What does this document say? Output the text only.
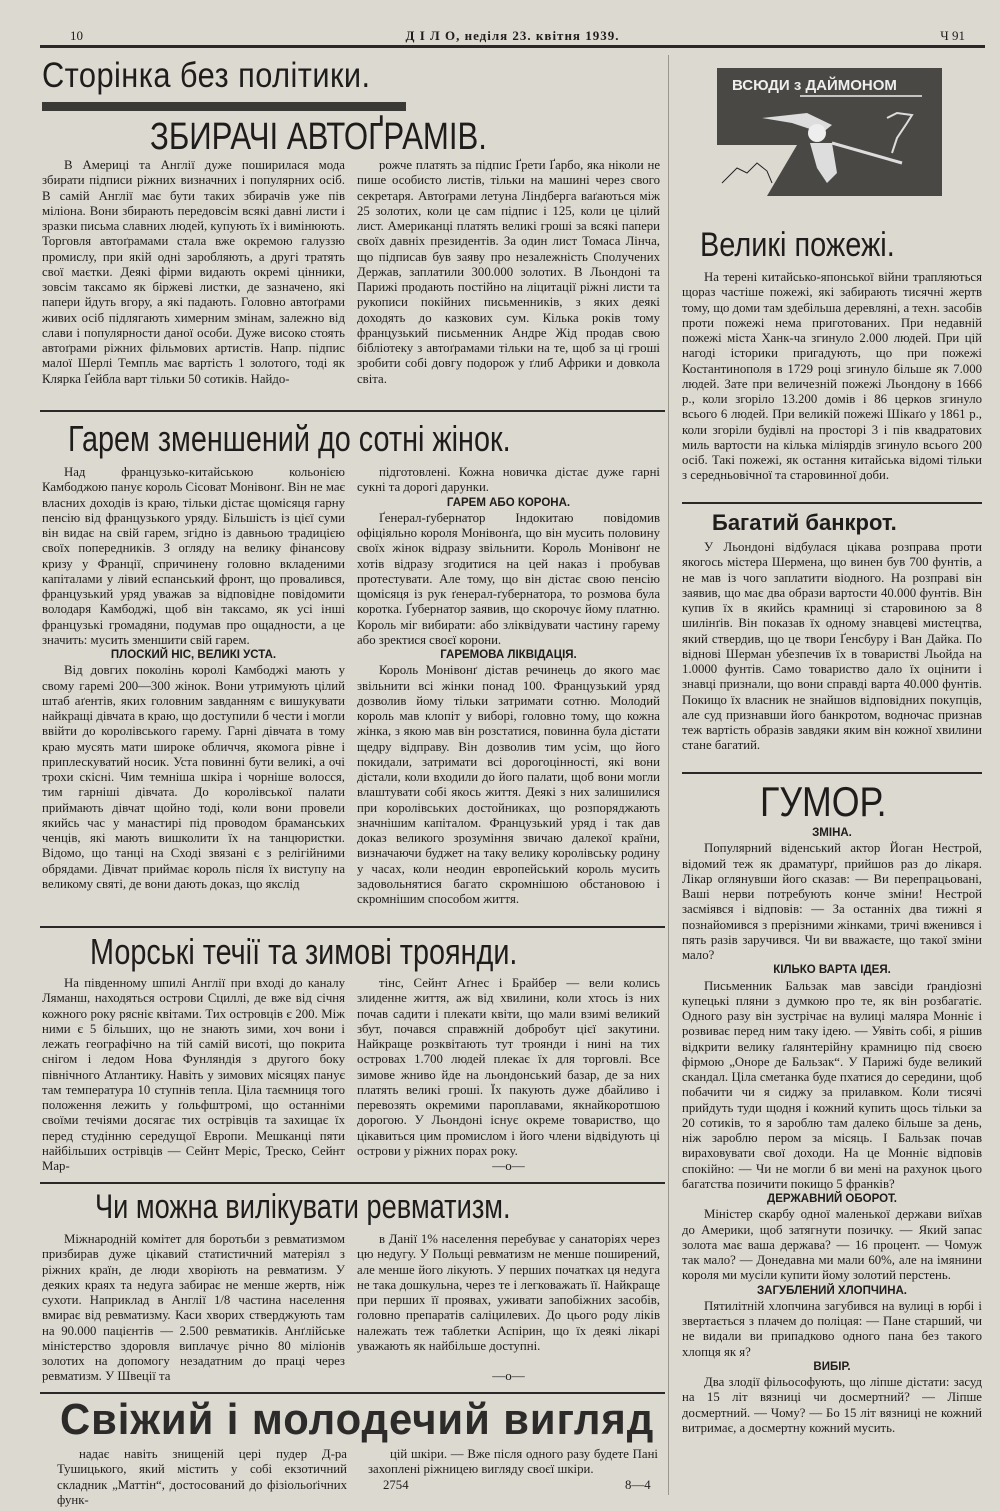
10	Д І Л О, неділя 23. квітня 1939.	Ч 91
Сторінка без політики.
ЗБИРАЧІ АВТОҐРАМІВ.

В Америці та Англії дуже поширилася мода збирати підписи ріжних визначних і популярних осіб. В самій Англії має бути таких збирачів уже пів міліона. Вони збирають передовсім всякі давні листи і зразки письма славних людей, купують їх і вимінюють. Торговля автоґрамами стала вже окремою галуззю промислу, при якій одні заробляють, а другі тратять свої маєтки. Деякі фірми видають окремі цінники, зовсім таксамо як біржеві листки, де зазначено, які папери йдуть вгору, а які падають. Головно автоґрами живих осіб підлягають химерним змінам, залежно від слави і популярности даної особи. Дуже високо стоять автоґрами ріжних фільмових артистів. Напр. підпис малої Шерлі Темпль має вартість 1 золотого, тоді як Клярка Ґейбла варт тільки 50 сотиків. Найдо-

рожче платять за підпис Ґрети Ґарбо, яка ніколи не пише особисто листів, тільки на машині через свого секретаря. Автоґрами летуна Ліндберга ваґаються між 25 золотих, коли це сам підпис і 125, коли це цілий лист. Американці платять великі гроші за всякі папери своїх давніх президентів. За один лист Томаса Лінча, що підписав був заяву про незалежність Сполучених Держав, заплатили 300.000 золотих. В Льондоні та Парижі продають постійно на ліцитації ріжні листи та рукописи покійних письменників, з яких деякі доходять до казкових сум. Кілька років тому французький письменник Андре Жід продав свою бібліотеку з автоґрамами тільки на те, щоб за ці гроші зробити собі довгу подорож у ґлиб Африки и довкола світа.

Гарем зменшений до сотні жінок.

Над французько-китайською кольонією Камбоджою панує король Сісоват Монівонґ. Він не має власних доходів із краю, тільки дістає щомісяця гарну пенсію від французького уряду. Більшість із цієї суми він видає на свій гарем, згідно із давньою традицією своїх попередників. З огляду на велику фінансову кризу у Франції, спричинену головно вкладеними капіталами у лівий еспанський фронт, що провалився, французький уряд уважав за відповідне повідомити володаря Камбоджі, щоб він таксамо, як усі інші французькі громадяни, подумав про ощадности, а це значить: мусить зменшити свій гарем.

ПЛОСКИЙ НІС, ВЕЛИКІ УСТА.

Від довгих поколінь королі Камбоджі мають у свому гаремі 200—300 жінок. Вони утримують цілий штаб аґентів, яких головним завданням є вишукувати найкращі дівчата в краю, що доступили б чести і могли ввійти до королівського гарему. Гарні дівчата в тому краю мусять мати широке обличчя, якомога рівне і приплескуватий носик. Уста повинні бути великі, а очі трохи скісні. Чим темніша шкіра і чорніше волосся, тим гарніші дівчата. До королівської палати приймають дівчат щойно тоді, коли вони провели якийсь час у манастирі під проводом браманських ченців, які мають вишколити їх на танцюристки. Відомо, що танці на Сході звязані є з релігійними обрядами. Дівчат приймає король після їх виступу на великому святі, де вони дають доказ, що якслід

підготовлені. Кожна новичка дістає дуже гарні сукні та дорогі дарунки.

ГАРЕМ АБО КОРОНА.

Ґенерал-ґубернатор Індокитаю повідомив офіціяльно короля Монівонґа, що він мусить половину своїх жінок відразу звільнити. Король Монівонґ не хотів відразу згодитися на цей наказ і пробував протестувати. Але тому, що він дістає свою пенсію щомісяця із рук ґенерал-ґубернатора, то розмова була коротка. Ґубернатор заявив, що скорочує йому платню. Король міг вибирати: або зліквідувати частину гарему або зректися своєї корони.

ГАРЕМОВА ЛІКВІДАЦІЯ.

Король Монівонґ дістав речинець до якого має звільнити всі жінки понад 100. Французький уряд дозволив йому тільки затримати сотню. Молодий король мав клопіт у виборі, головно тому, що кожна жінка, з якою мав він розстатися, повинна була дістати щедру відправу. Він дозволив тим усім, що його покидали, затримати всі дорогоцінності, які вони дістали, коли входили до його палати, щоб вони могли влаштувати собі якось життя. Деякі з них залишилися при королівських достойниках, що розпоряджають значнішим капіталом. Французький уряд і так дав доказ великого зрозуміння звичаю далекої країни, визначаючи буджет на таку велику королівську родину у часах, коли неодин европейський король мусить задовольнятися багато скромнішою обстановою і скромнішим способом життя.

Морські течії та зимові троянди.

На південному шпилі Англії при вході до каналу Ляманш, находяться острови Сциллі, де вже від січня кожного року рясніє квітами. Тих островців є 200. Між ними є 5 більших, що не знають зими, хоч вони і лежать географічно на тій самій висоті, що покрита снігом і ледом Нова Фунляндія з другого боку північного Атлантику. Навіть у зимових місяцях панує там температура 10 ступнів тепла. Ціла таємниця того положення лежить у ґольфштромі, що останніми своїми течіями досягає тих острівців та захищає їх перед студінню середущої Европи. Мешканці пяти найбільших острівців — Сейнт Меріс, Треско, Сейнт Мар-

тінс, Сейнт Аґнес і Брайбер — вели колись злиденне життя, аж від хвилини, коли хтось із них почав садити і плекати квіти, що мали взимі великий збут, почався справжній добробут цієї закутини. Найкраще розквітають тут троянди і нині на тих островах 1.700 людей плекає їх для торговлі. Все зимове жниво йде на льондонський базар, де за них платять великі гроші. Їх пакують дуже дбайливо і перевозять окремими пароплавами, якнайкоротшою дорогою. У Льондоні існує окреме товариство, що цікавиться цим промислом і його члени відвідують ці острови у ріжних порах року.

—o—
Чи можна вилікувати ревматизм.

Міжнародній комітет для боротьби з ревматизмом призбирав дуже цікавий статистичний матеріял з ріжних країн, де люди хворіють на ревматизм. У деяких краях та недуга забирає не менше жертв, ніж сухоти. Наприклад в Англії 1/8 частина населення вмирає від ревматизму. Каси хворих стверджують там на 90.000 пацієнтів — 2.500 ревматиків. Анґлійське міністерство здоровля виплачує річно 80 міліонів золотих на допомогу незадатним до праці через ревматизм. У Швеції та

в Данії 1% населення перебуває у санаторіях через цю недугу. У Польщі ревматизм не менше поширений, але менше його лікують. У перших початках ця недуга не така дошкульна, через те і легковажать її. Найкраще при перших її проявах, уживати запобіжних засобів, головно препаратів саліцилевих. До цього роду ліків належать теж таблетки Аспірин, що їх деякі лікарі уважають як найбільше доступні.

—o—
Свіжий і молодечий вигляд

надає навіть знищеній цері пудер Д-ра Тушицького, який містить у собі екзотичний складник „Маттін“, достосований до фізіольоґічних функ-

цій шкіри. — Вже після одного разу будете Пані захоплені ріжницею вигляду своєї шкіри.

2754	8—4
ВСЮДИ з ДАЙМОНОМ
Великі пожежі.

На терені китайсько-японської війни трапляються щораз частіше пожежі, які забирають тисячні жертв тому, що доми там здебільша деревляні, а техн. засобів проти пожежі нема приготованих. При недавній пожежі міста Ханк-ча згинуло 2.000 людей. При цій нагоді історики пригадують, що при пожежі Костантинополя в 1729 році згинуло більше як 7.000 людей. Зате при величезній пожежі Льондону в 1666 р., коли згоріло 13.200 домів і 86 церков згинуло всього 6 людей. При великій пожежі Шікаґо у 1861 р., коли згоріли будівлі на просторі 3 і пів квадратових миль вартости на кілька міліярдів згинуло всього 200 осіб. Такі пожежі, як остання китайська відомі тільки з середньовічної та старовинної доби.

Багатий банкрот.

У Льондоні відбулася цікава розправа проти якогось містера Шермена, що винен був 700 фунтів, а не мав із чого заплатити віодного. На розправі він заявив, що має два образи вартости 40.000 фунтів. Він купив їх в якийсь крамниці зі старовиною за 8 шилінґів. Він показав їх одному знавцеві мистецтва, який ствердив, що це твори Ґенсбуру і Ван Дайка. По віднові Шерман убезпечив їх в товаристві Льойда на 1.0000 фунтів. Само товариство дало їх оцінити і знавці признали, що вони справді варта 40.000 фунтів. Покищо їх власник не знайшов відповідних покупців, але суд признавши його банкротом, водночас признав теж вартість образів завдяки яким він кожної хвилини стане багатий.

ГУМОР.

ЗМІНА.

Популярний віденський актор Йоган Нестрой, відомий теж як драматурґ, прийшов раз до лікаря. Лікар оглянувши його сказав: — Ви перепрацьовані, Ваші нерви потребують конче зміни! Нестрой засміявся і відповів: — За останніх два тижні я познайомився з прерізними жінками, тричі вженився і пять разів заручився. Чи ви вважаєте, що такої зміни мало?

КІЛЬКО ВАРТА ІДЕЯ.

Письменник Бальзак мав завсіди ґрандіозні купецькі пляни з думкою про те, як він розбагатіє. Одного разу він зустрічає на вулиці маляра Монніє і розвиває перед ним таку ідею. — Уявіть собі, я рішив відкрити велику ґалянтерійну крамницю під своєю фірмою „Оноре де Бальзак“. У Парижі буде великий скандал. Ціла сметанка буде пхатися до середини, щоб побачити чи я сиджу за прилавком. Коли тисячі прийдуть туди щодня і кожний купить щось тільки за 20 сотиків, то я зароблю там далеко більше за день, ніж зароблю пером за місяць. І Бальзак почав вираховувати свої доходи. На це Монніє відповів спокійно: — Чи не могли б ви мені на рахунок цього багатства позичити покищо 5 франків?

ДЕРЖАВНИЙ ОБОРОТ.

Міністер скарбу одної маленької держави виїхав до Америки, щоб затягнути позичку. — Який запас золота має ваша держава? — 16 процент. — Чомуж так мало? — Донедавна ми мали 60%, але на імянини короля ми мусіли купити йому золотий перстень.

ЗАГУБЛЕНИЙ ХЛОПЧИНА.

Пятилітній хлопчина загубився на вулиці в юрбі і звертається з плачем до поліцая: — Пане старший, чи не видали ви припадково одного пана без такого хлопця як я?

ВИБІР.

Два злодії фільософують, що ліпше дістати: засуд на 15 літ вязниці чи досмертний? — Ліпше досмертний. — Чому? — Бо 15 літ вязниці не кожний витримає, а досмертну кожний мусить.
